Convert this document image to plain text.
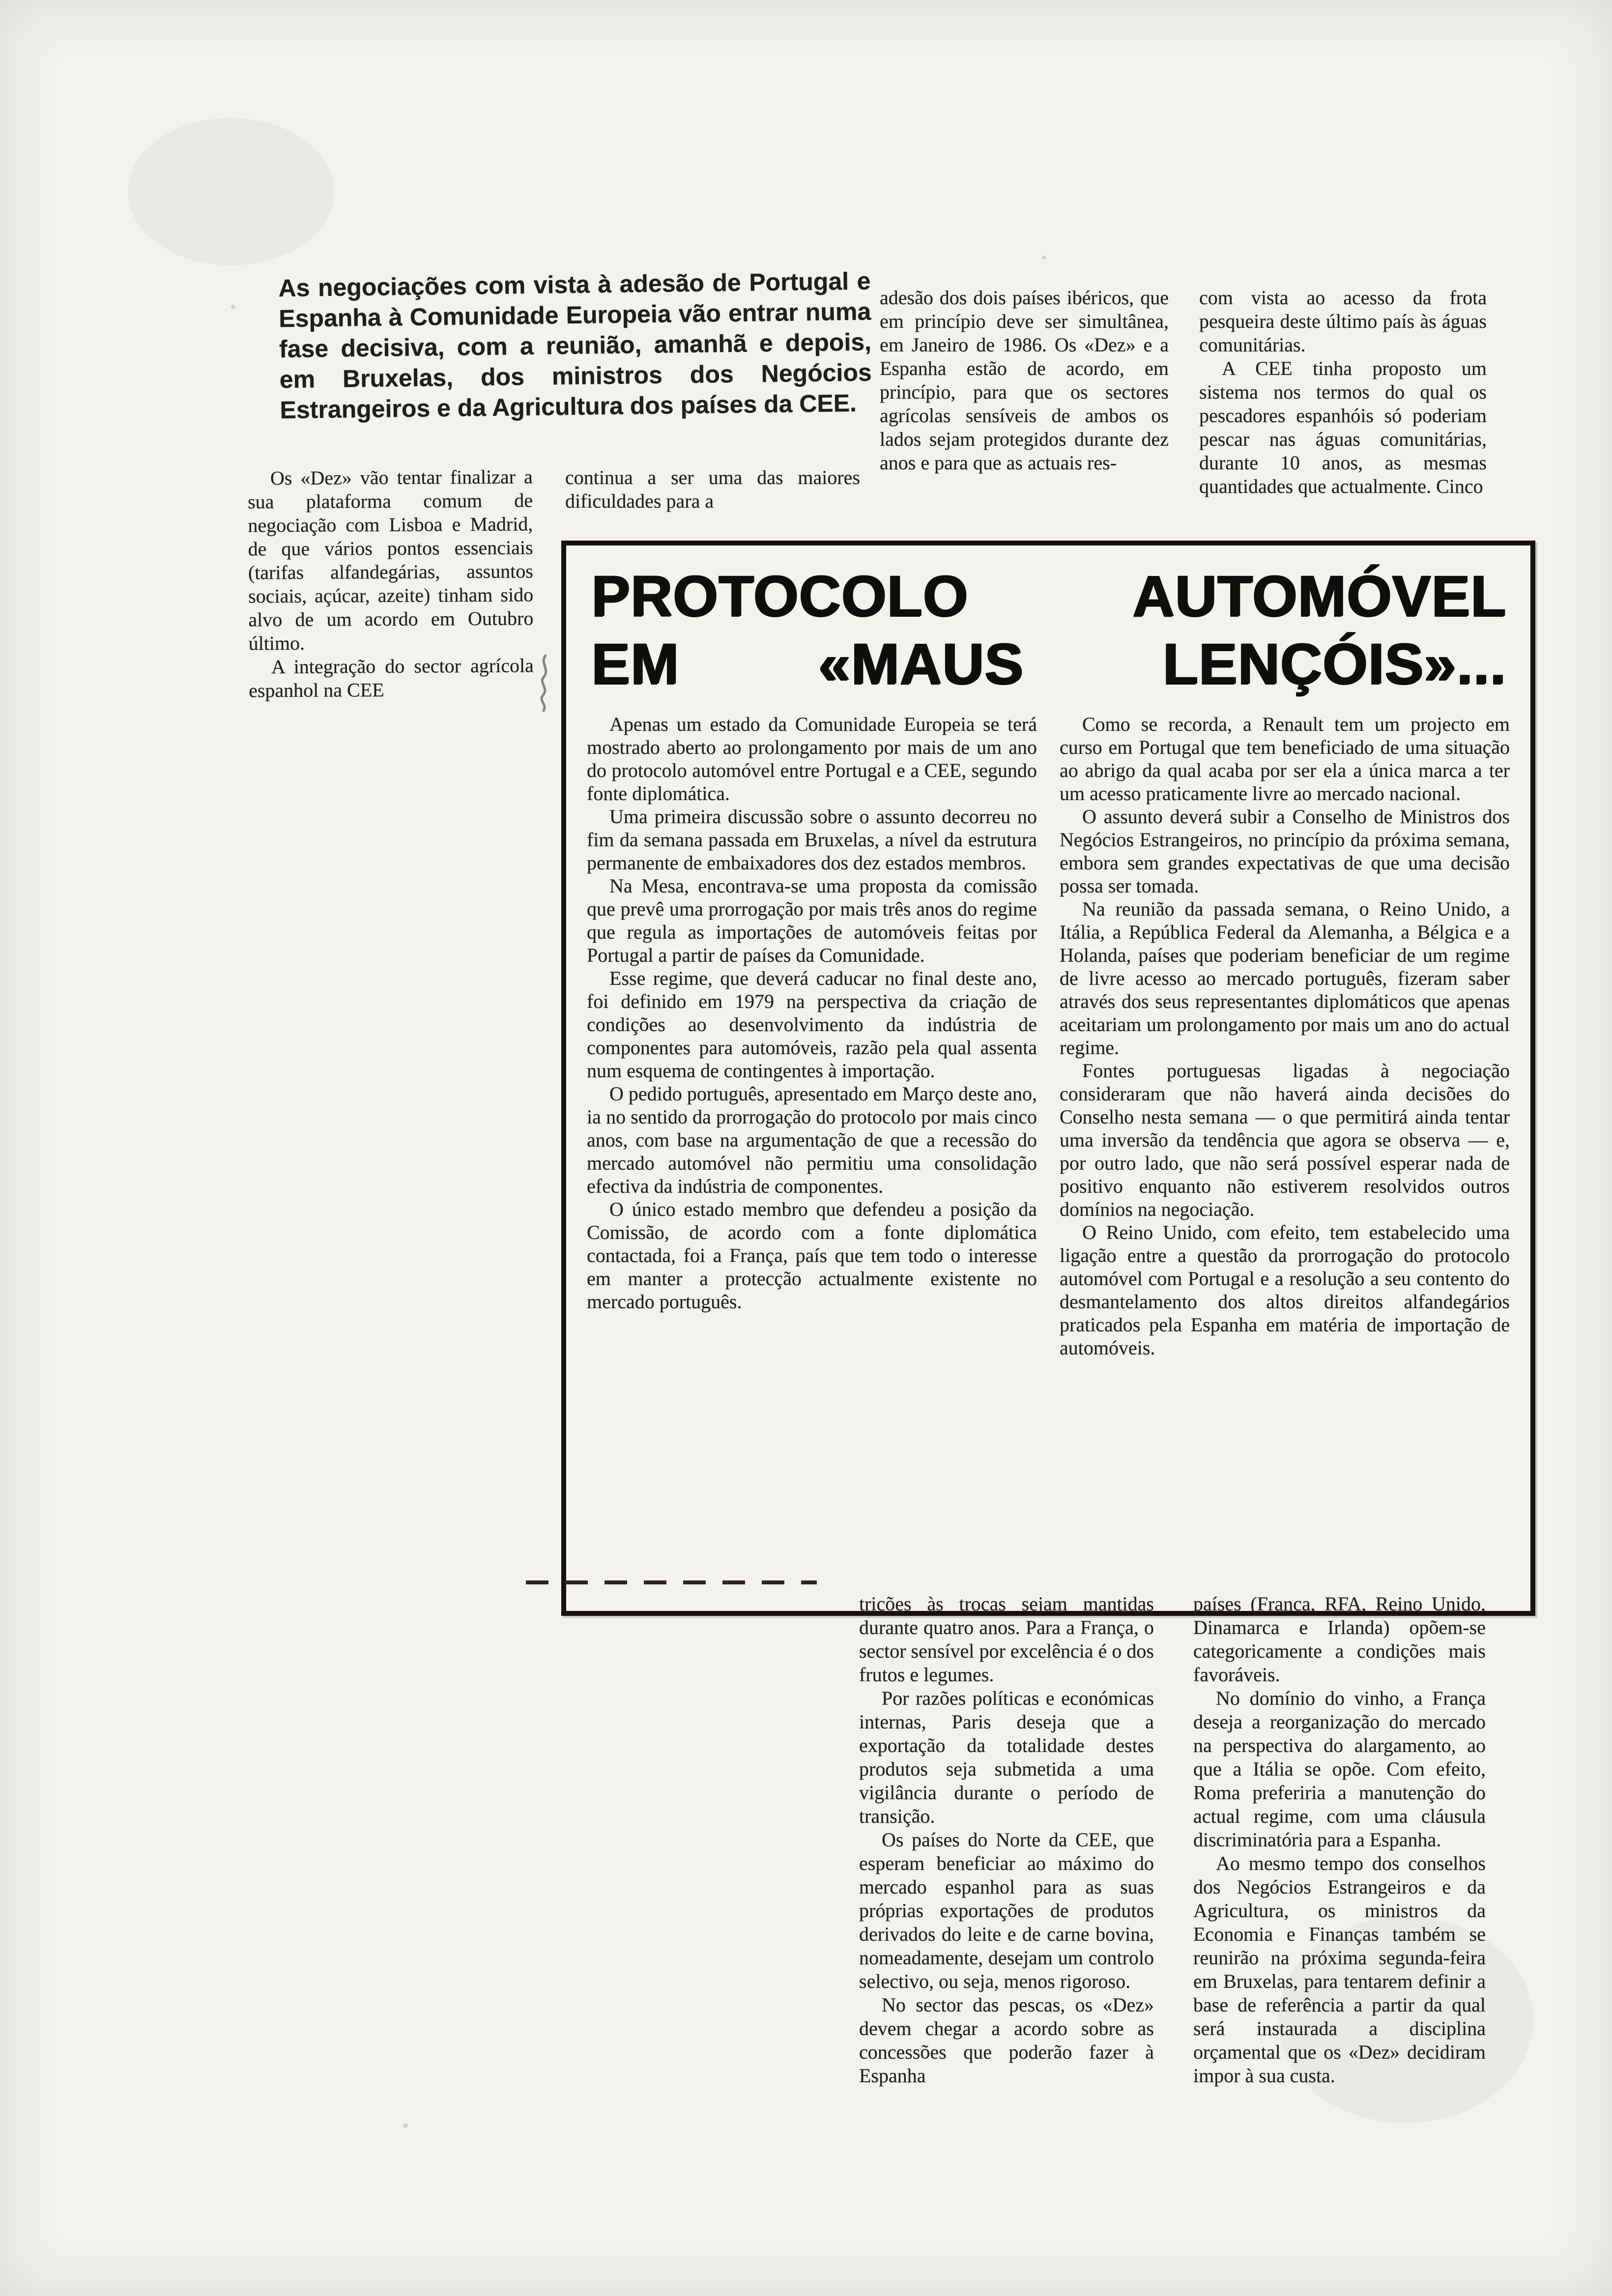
As negociações com vista à adesão de Portugal e Espanha à Comunidade Europeia vão entrar numa fase decisiva, com a reunião, amanhã e depois, em Bruxelas, dos ministros dos Negócios Estrangeiros e da Agricultura dos países da CEE.

adesão dos dois países ibéricos, que em princípio deve ser simultânea, em Janeiro de 1986. Os «Dez» e a Espanha estão de acordo, em princípio, para que os sectores agrícolas sensíveis de ambos os lados sejam protegidos durante dez anos e para que as actuais res-

com vista ao acesso da frota pesqueira deste último país às águas comunitárias.

A CEE tinha proposto um sistema nos termos do qual os pescadores espanhóis só poderiam pescar nas águas comunitárias, durante 10 anos, as mesmas quantidades que actualmente. Cinco

Os «Dez» vão tentar finalizar a sua plataforma comum de negociação com Lisboa e Madrid, de que vários pontos essenciais (tarifas alfandegárias, assuntos sociais, açúcar, azeite) tinham sido alvo de um acordo em Outubro último.

A integração do sector agrícola espanhol na CEE

continua a ser uma das maiores dificuldades para a

PROTOCOLO AUTOMÓVEL
EM «MAUS LENÇÓIS»...

Apenas um estado da Comunidade Europeia se terá mostrado aberto ao prolongamento por mais de um ano do protocolo automóvel entre Portugal e a CEE, segundo fonte diplomática.

Uma primeira discussão sobre o assunto decorreu no fim da semana passada em Bruxelas, a nível da estrutura permanente de embaixadores dos dez estados membros.

Na Mesa, encontrava-se uma proposta da comissão que prevê uma prorrogação por mais três anos do regime que regula as importações de automóveis feitas por Portugal a partir de países da Comunidade.

Esse regime, que deverá caducar no final deste ano, foi definido em 1979 na perspectiva da criação de condições ao desenvolvimento da indústria de componentes para automóveis, razão pela qual assenta num esquema de contingentes à importação.

O pedido português, apresentado em Março deste ano, ia no sentido da prorrogação do protocolo por mais cinco anos, com base na argumentação de que a recessão do mercado automóvel não permitiu uma consolidação efectiva da indústria de componentes.

O único estado membro que defendeu a posição da Comissão, de acordo com a fonte diplomática contactada, foi a França, país que tem todo o interesse em manter a protecção actualmente existente no mercado português.

Como se recorda, a Renault tem um projecto em curso em Portugal que tem beneficiado de uma situação ao abrigo da qual acaba por ser ela a única marca a ter um acesso praticamente livre ao mercado nacional.

O assunto deverá subir a Conselho de Ministros dos Negócios Estrangeiros, no princípio da próxima semana, embora sem grandes expectativas de que uma decisão possa ser tomada.

Na reunião da passada semana, o Reino Unido, a Itália, a República Federal da Alemanha, a Bélgica e a Holanda, países que poderiam beneficiar de um regime de livre acesso ao mercado português, fizeram saber através dos seus representantes diplomáticos que apenas aceitariam um prolongamento por mais um ano do actual regime.

Fontes portuguesas ligadas à negociação consideraram que não haverá ainda decisões do Conselho nesta semana — o que permitirá ainda tentar uma inversão da tendência que agora se observa — e, por outro lado, que não será possível esperar nada de positivo enquanto não estiverem resolvidos outros domínios na negociação.

O Reino Unido, com efeito, tem estabelecido uma ligação entre a questão da prorrogação do protocolo automóvel com Portugal e a resolução a seu contento do desmantelamento dos altos direitos alfandegários praticados pela Espanha em matéria de importação de automóveis.

trições às trocas sejam mantidas durante quatro anos. Para a França, o sector sensível por excelência é o dos frutos e legumes.

Por razões políticas e económicas internas, Paris deseja que a exportação da totalidade destes produtos seja submetida a uma vigilância durante o período de transição.

Os países do Norte da CEE, que esperam beneficiar ao máximo do mercado espanhol para as suas próprias exportações de produtos derivados do leite e de carne bovina, nomeadamente, desejam um controlo selectivo, ou seja, menos rigoroso.

No sector das pescas, os «Dez» devem chegar a acordo sobre as concessões que poderão fazer à Espanha

países (França, RFA, Reino Unido, Dinamarca e Irlanda) opõem-se categoricamente a condições mais favoráveis.

No domínio do vinho, a França deseja a reorganização do mercado na perspectiva do alargamento, ao que a Itália se opõe. Com efeito, Roma preferiria a manutenção do actual regime, com uma cláusula discriminatória para a Espanha.

Ao mesmo tempo dos conselhos dos Negócios Estrangeiros e da Agricultura, os ministros da Economia e Finanças também se reunirão na próxima segunda-feira em Bruxelas, para tentarem definir a base de referência a partir da qual será instaurada a disciplina orçamental que os «Dez» decidiram impor à sua custa.
